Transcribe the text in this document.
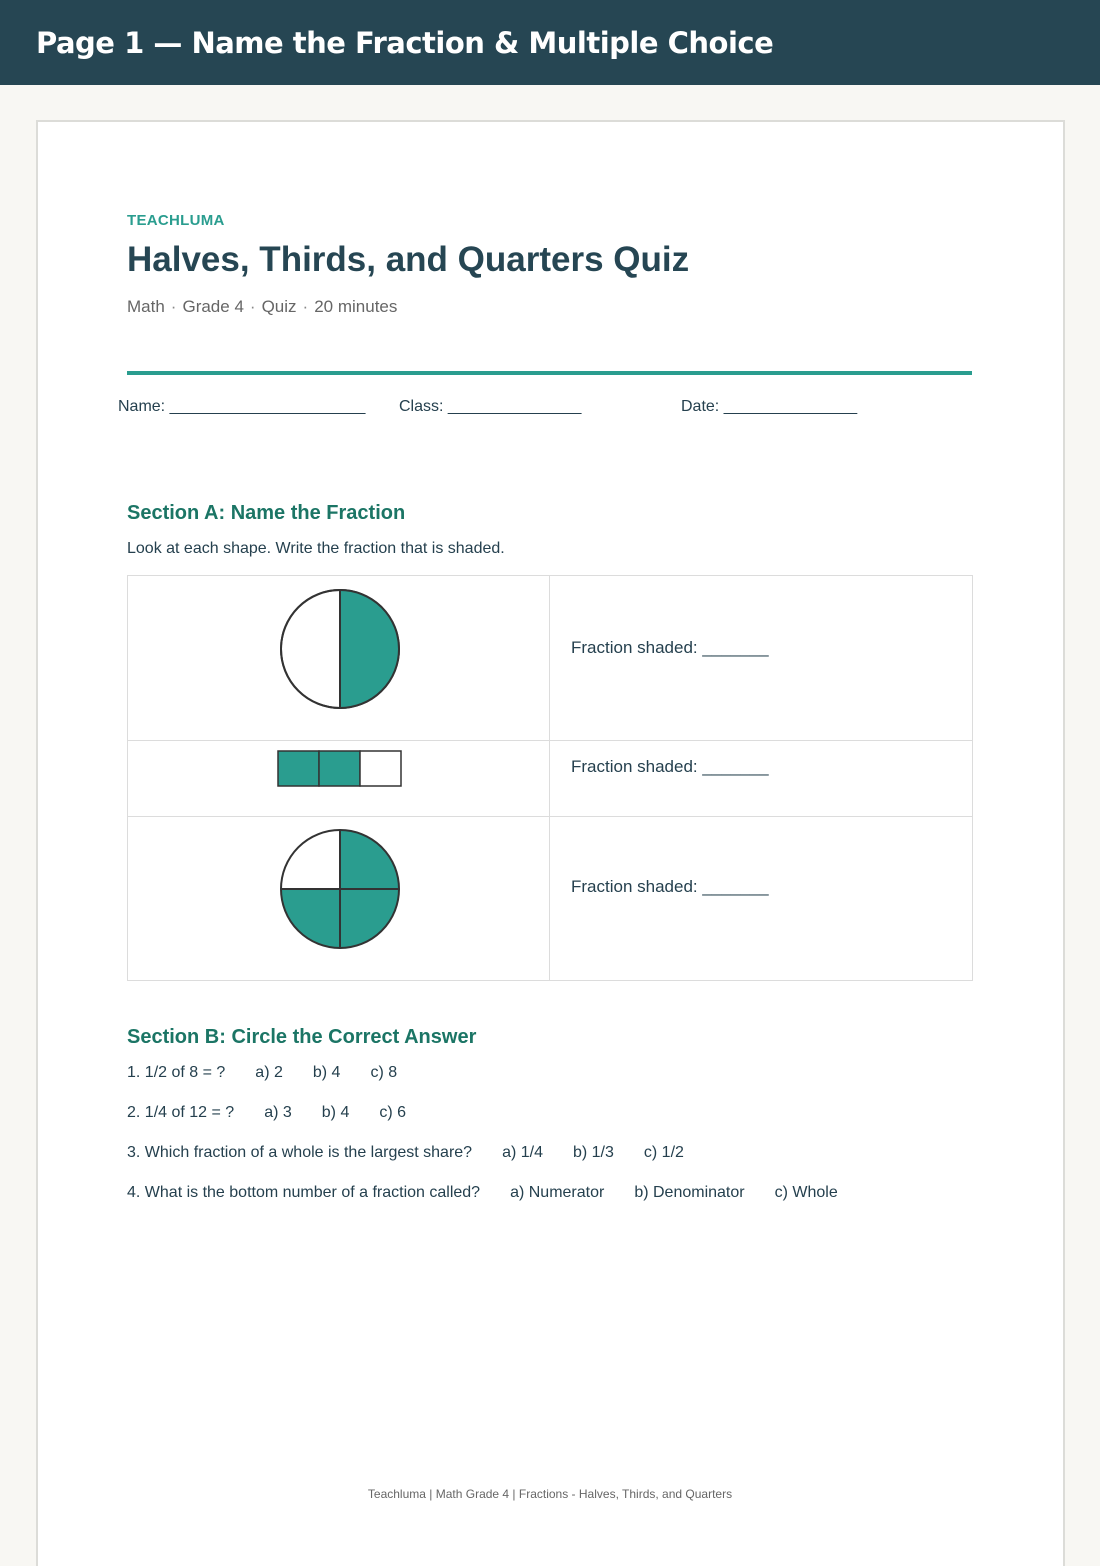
Page 1 — Name the Fraction & Multiple Choice
TEACHLUMA
Halves, Thirds, and Quarters Quiz
Math · Grade 4 · Quiz · 20 minutes
Name: ______________________ Class: _______________	Date: _______________
Section A: Name the Fraction
Look at each shape. Write the fraction that is shaded.
Fraction shaded: _______
Fraction shaded: _______
Fraction shaded: _______
Section B: Circle the Correct Answer
1. 1/2 of 8 = ? a) 2 b) 4 c) 8
2. 1/4 of 12 = ? a) 3 b) 4 c) 6
3. Which fraction of a whole is the largest share? a) 1/4 b) 1/3 c) 1/2
4. What is the bottom number of a fraction called? a) Numerator b) Denominator c) Whole
Teachluma | Math Grade 4 | Fractions - Halves, Thirds, and Quarters
